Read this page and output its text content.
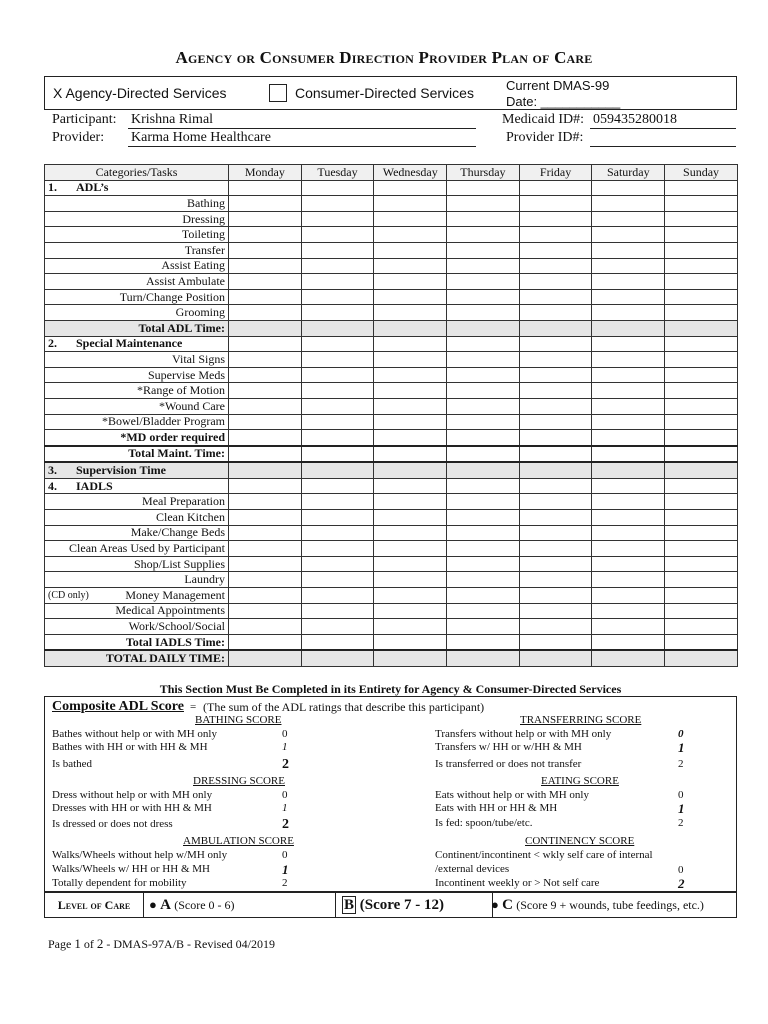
Agency or Consumer Direction Provider Plan of Care
X Agency-Directed Services	Consumer-Directed Services Current DMAS-99
Date: ___________
Participant: Krishna Rimal
Provider: Karma Home Healthcare
Medicaid ID#: 059435280018
Provider ID#:
Categories/Tasks	Monday	Tuesday	Wednesday	Thursday	Friday	Saturday	Sunday
1. ADL’s							
Bathing							
Dressing							
Toileting							
Transfer							
Assist Eating							
Assist Ambulate							
Turn/Change Position							
Grooming							
Total ADL Time:							
2. Special Maintenance							
Vital Signs							
Supervise Meds							
*Range of Motion							
*Wound Care							
*Bowel/Bladder Program							
*MD order required							
Total Maint. Time:							
3. Supervision Time							
4. IADLS							
Meal Preparation							
Clean Kitchen							
Make/Change Beds							
Clean Areas Used by Participant							
Shop/List Supplies							
Laundry							

(CD only) Money Management							
Medical Appointments							
Work/School/Social							
Total IADLS Time:							
TOTAL DAILY TIME:							
This Section Must Be Completed in its Entirety for Agency & Consumer-Directed Services
Composite ADL Score = (The sum of the ADL ratings that describe this participant)
BATHING SCORE
Bathes without help or with MH only	0
Bathes with HH or with HH & MH	1
Is bathed	2
DRESSING SCORE
Dress without help or with MH only	0
Dresses with HH or with HH & MH	1
Is dressed or does not dress	2
AMBULATION SCORE
Walks/Wheels without help w/MH only	0
Walks/Wheels w/ HH or HH & MH	1
Totally dependent for mobility	2
TRANSFERRING SCORE
Transfers without help or with MH only	0
Transfers w/ HH or w/HH & MH	1
Is transferred or does not transfer	2
EATING SCORE
Eats without help or with MH only	0
Eats with HH or HH & MH	1
Is fed: spoon/tube/etc.	2
CONTINENCY SCORE
Continent/incontinent < wkly self care of internal
/external devices	0
Incontinent weekly or > Not self care	2
Level of Care	● A (Score 0 - 6)	B (Score 7 - 12)	● C (Score 9 + wounds, tube feedings, etc.)
Page 1 of 2 - DMAS-97A/B - Revised 04/2019
